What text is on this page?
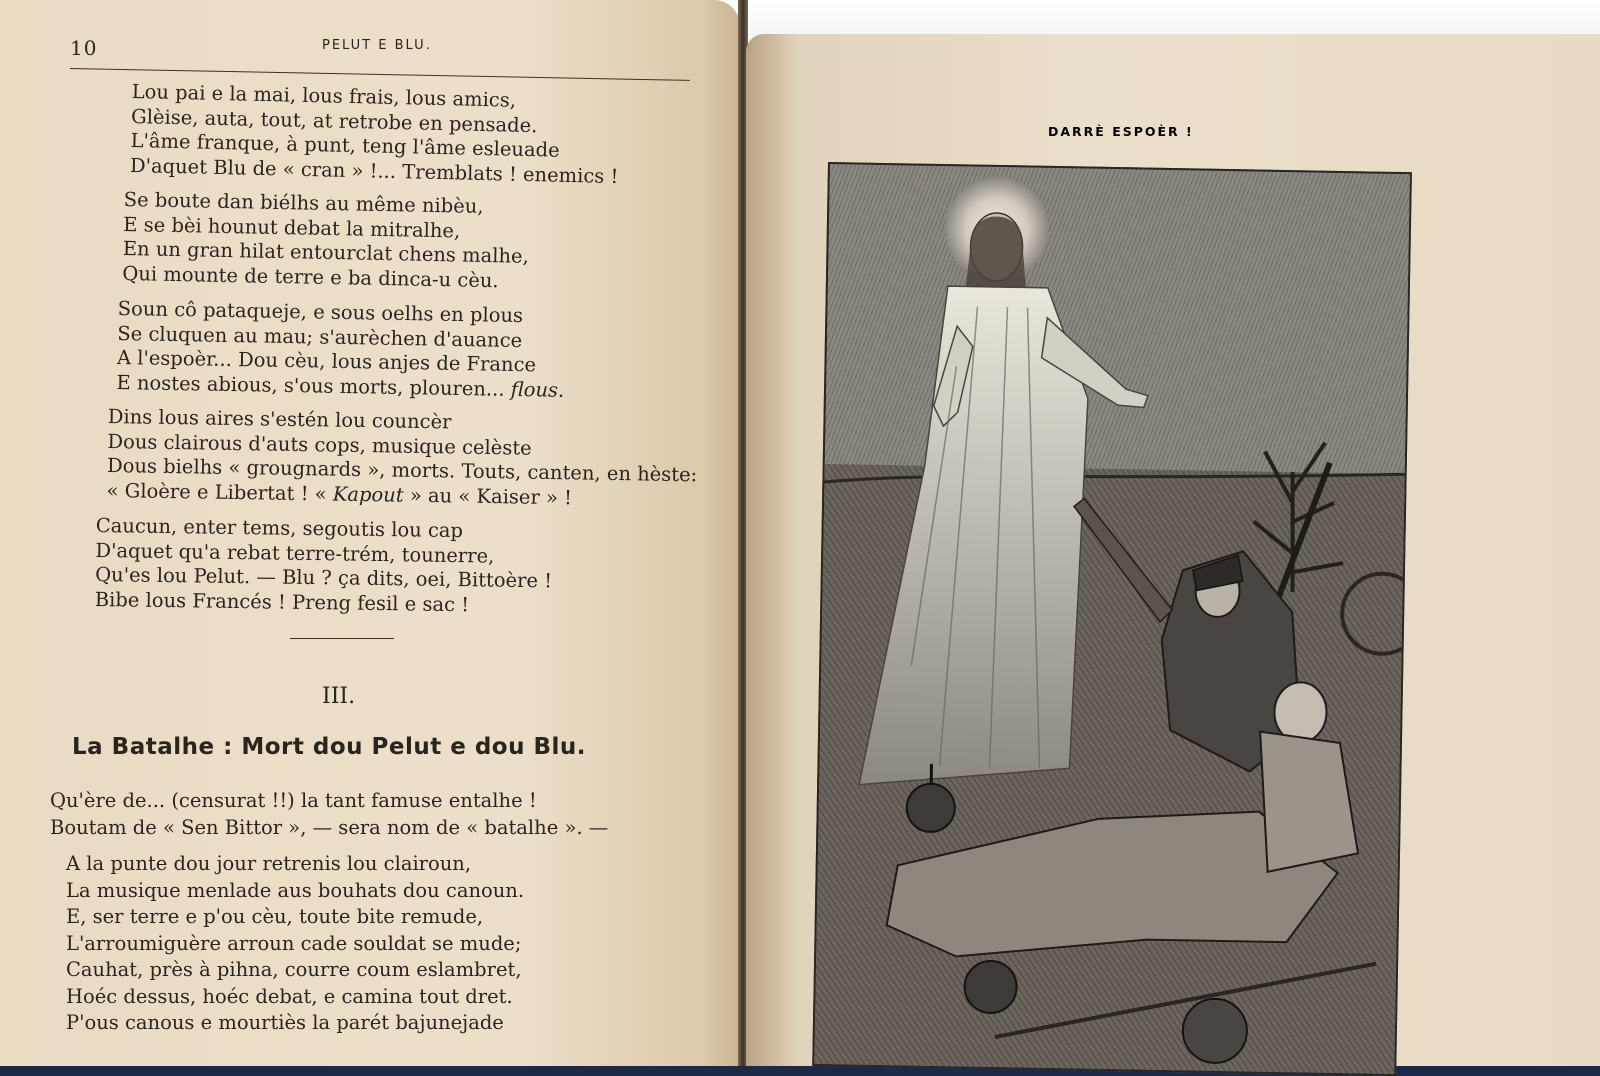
10	PELUT E BLU.
Lou pai e la mai, lous frais, lous amics,
Glèise, auta, tout, at retrobe en pensade.
L'âme franque, à punt, teng l'âme esleuade
D'aquet Blu de « cran » !... Tremblats ! enemics !
Se boute dan biélhs au même nibèu,
E se bèi hounut debat la mitralhe,
En un gran hilat entourclat chens malhe,
Qui mounte de terre e ba dinca-u cèu.
Soun cô pataqueje, e sous oelhs en plous
Se cluquen au mau; s'aurèchen d'auance
A l'espoèr... Dou cèu, lous anjes de France
E nostes abious, s'ous morts, plouren... flous.
Dins lous aires s'estén lou councèr
Dous clairous d'auts cops, musique celèste
Dous bielhs « grougnards », morts. Touts, canten, en hèste:
« Gloère e Libertat ! « Kapout » au « Kaiser » !
Caucun, enter tems, segoutis lou cap
D'aquet qu'a rebat terre-trém, tounerre,
Qu'es lou Pelut. — Blu ? ça dits, oei, Bittoère !
Bibe lous Francés ! Preng fesil e sac !
III.
La Batalhe : Mort dou Pelut e dou Blu.
Qu'ère de... (censurat !!) la tant famuse entalhe !
Boutam de « Sen Bittor », — sera nom de « batalhe ». —
A la punte dou jour retrenis lou clairoun,
La musique menlade aus bouhats dou canoun.
E, ser terre e p'ou cèu, toute bite remude,
L'arroumiguère arroun cade souldat se mude;
Cauhat, près à pihna, courre coum eslambret,
Hoéc dessus, hoéc debat, e camina tout dret.
P'ous canous e mourtiès la parét bajunejade
DARRÈ ESPOÈR !
